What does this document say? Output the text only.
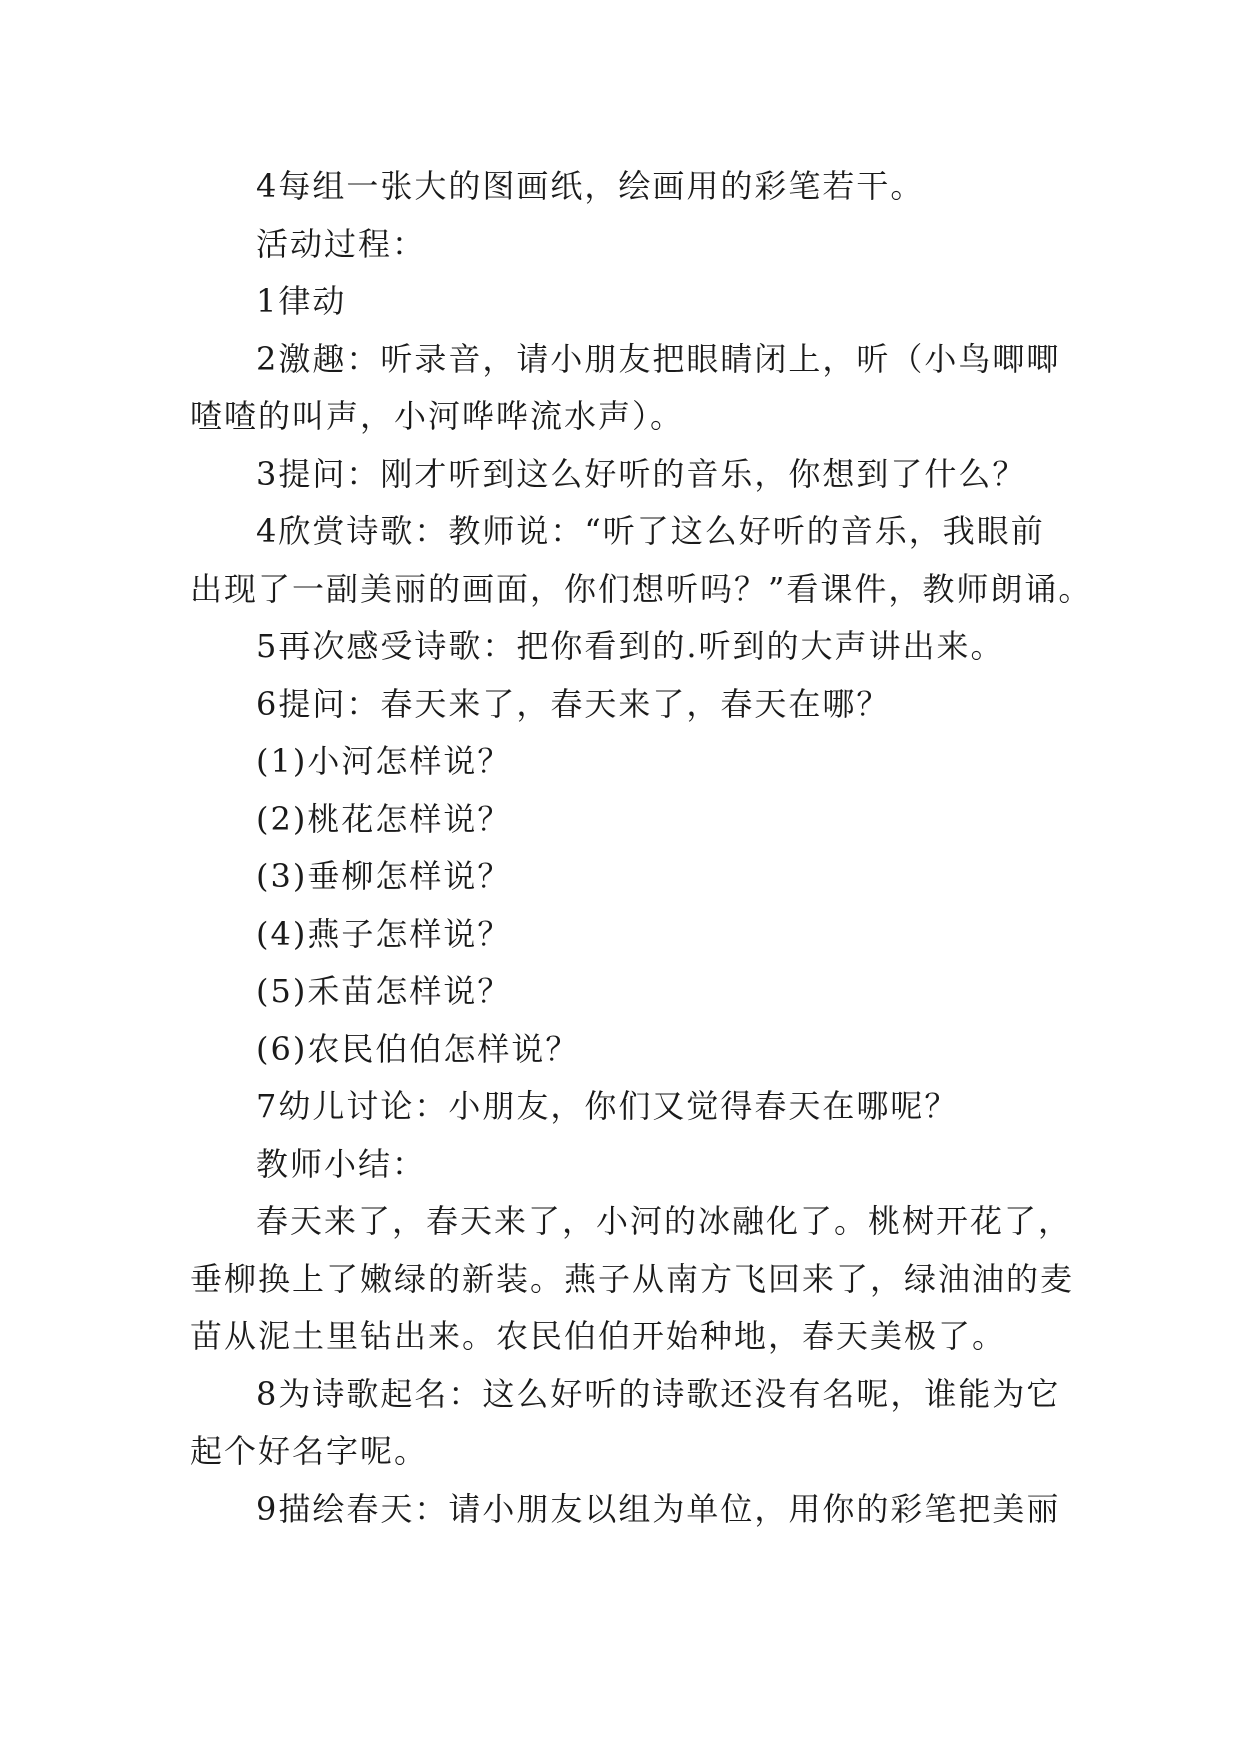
4每组一张大的图画纸，绘画用的彩笔若干。

活动过程：

1律动

2激趣：听录音，请小朋友把眼睛闭上，听（小鸟唧唧
喳喳的叫声，小河哗哗流水声）。

3提问：刚才听到这么好听的音乐，你想到了什么？

4欣赏诗歌：教师说：“听了这么好听的音乐，我眼前
出现了一副美丽的画面，你们想听吗？”看课件，教师朗诵。

5再次感受诗歌：把你看到的.听到的大声讲出来。

6提问：春天来了，春天来了，春天在哪？

(1)小河怎样说？

(2)桃花怎样说？

(3)垂柳怎样说？

(4)燕子怎样说？

(5)禾苗怎样说？

(6)农民伯伯怎样说？

7幼儿讨论：小朋友，你们又觉得春天在哪呢？

教师小结：

春天来了，春天来了，小河的冰融化了。桃树开花了，
垂柳换上了嫩绿的新装。燕子从南方飞回来了，绿油油的麦
苗从泥土里钻出来。农民伯伯开始种地，春天美极了。

8为诗歌起名：这么好听的诗歌还没有名呢，谁能为它
起个好名字呢。

9描绘春天：请小朋友以组为单位，用你的彩笔把美丽
